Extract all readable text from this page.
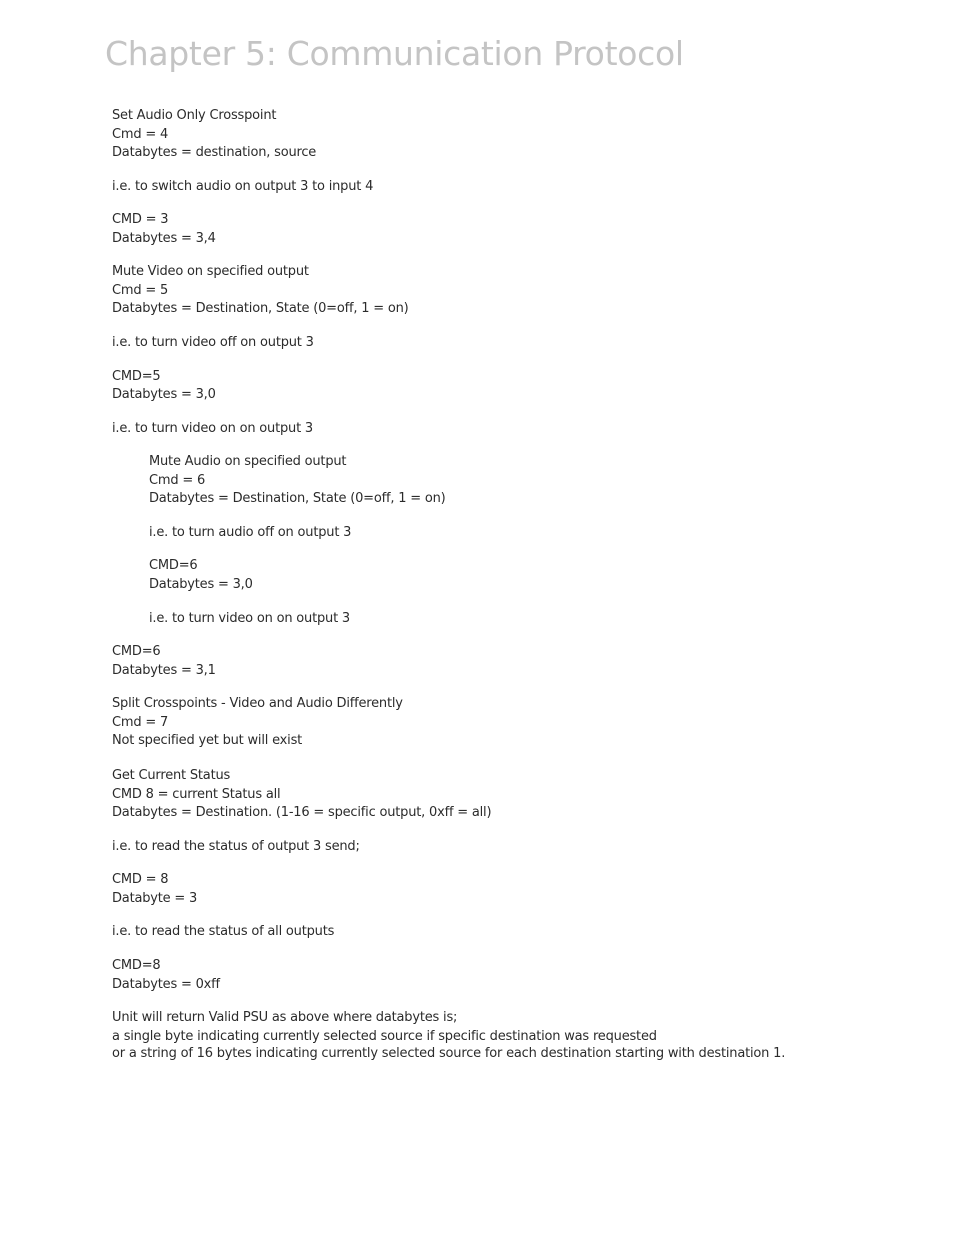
Chapter 5: Communication Protocol
Set Audio Only Crosspoint
Cmd = 4
Databytes = destination, source
i.e. to switch audio on output 3 to input 4
CMD = 3
Databytes = 3,4
Mute Video on specified output
Cmd = 5
Databytes = Destination, State (0=off, 1 = on)
i.e. to turn video off on output 3
CMD=5
Databytes = 3,0
i.e. to turn video on on output 3
Mute Audio on specified output
Cmd = 6
Databytes = Destination, State (0=off, 1 = on)
i.e. to turn audio off on output 3
CMD=6
Databytes = 3,0
i.e. to turn video on on output 3
CMD=6
Databytes = 3,1
Split Crosspoints - Video and Audio Differently
Cmd = 7
Not specified yet but will exist
Get Current Status
CMD 8 = current Status all
Databytes = Destination. (1-16 = specific output, 0xff = all)
i.e. to read the status of output 3 send;
CMD = 8
Databyte = 3
i.e. to read the status of all outputs
CMD=8
Databytes = 0xff
Unit will return Valid PSU as above where databytes is;
a single byte indicating currently selected source if specific destination was requested
or a string of 16 bytes indicating currently selected source for each destination starting with destination 1.
